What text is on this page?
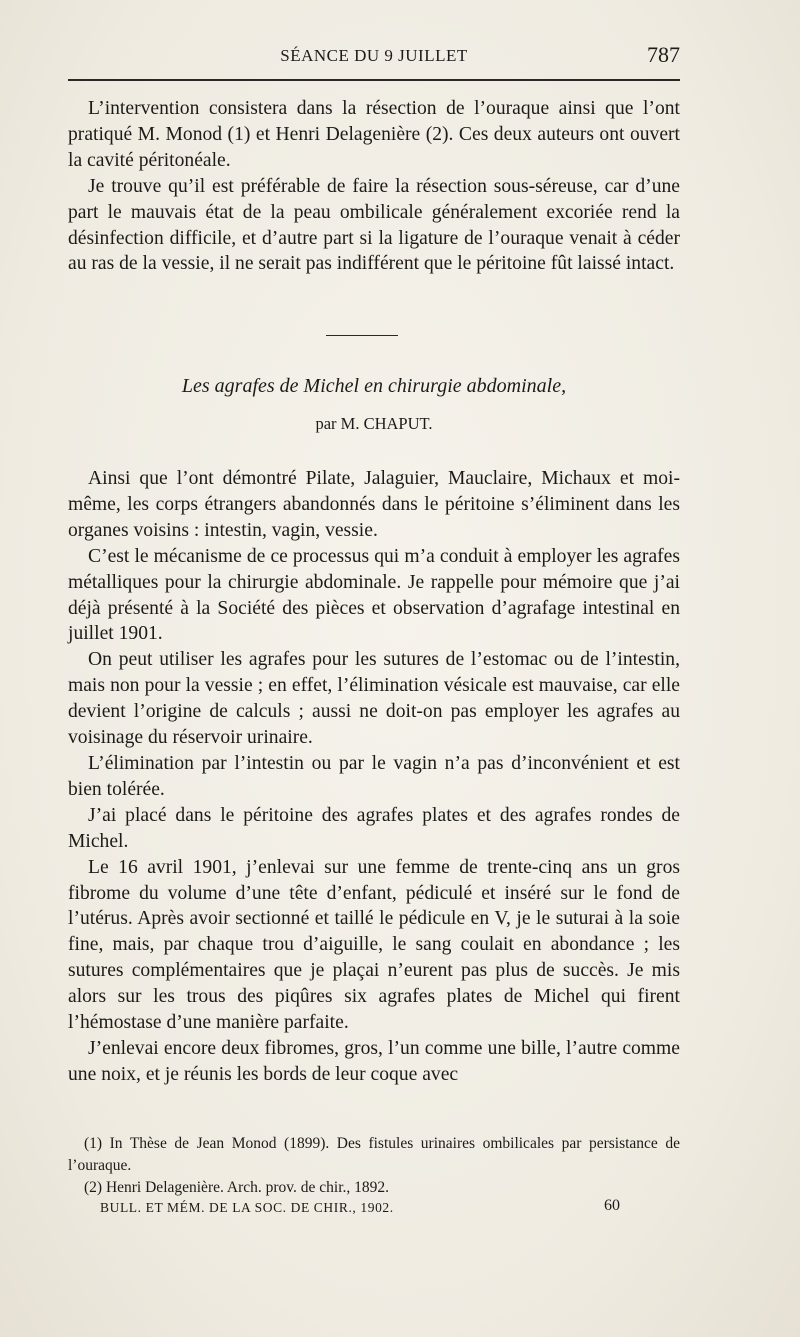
SÉANCE DU 9 JUILLET	787

L’intervention consistera dans la résection de l’ouraque ainsi que l’ont pratiqué M. Monod (1) et Henri Delagenière (2). Ces deux auteurs ont ouvert la cavité péritonéale.

Je trouve qu’il est préférable de faire la résection sous-séreuse, car d’une part le mauvais état de la peau ombilicale généralement excoriée rend la désinfection difficile, et d’autre part si la ligature de l’ouraque venait à céder au ras de la vessie, il ne serait pas indifférent que le péritoine fût laissé intact.

Les agrafes de Michel en chirurgie abdominale,
par M. CHAPUT.

Ainsi que l’ont démontré Pilate, Jalaguier, Mauclaire, Michaux et moi-même, les corps étrangers abandonnés dans le péritoine s’éliminent dans les organes voisins : intestin, vagin, vessie.

C’est le mécanisme de ce processus qui m’a conduit à employer les agrafes métalliques pour la chirurgie abdominale. Je rappelle pour mémoire que j’ai déjà présenté à la Société des pièces et observation d’agrafage intestinal en juillet 1901.

On peut utiliser les agrafes pour les sutures de l’estomac ou de l’intestin, mais non pour la vessie ; en effet, l’élimination vésicale est mauvaise, car elle devient l’origine de calculs ; aussi ne doit-on pas employer les agrafes au voisinage du réservoir urinaire.

L’élimination par l’intestin ou par le vagin n’a pas d’inconvénient et est bien tolérée.

J’ai placé dans le péritoine des agrafes plates et des agrafes rondes de Michel.

Le 16 avril 1901, j’enlevai sur une femme de trente-cinq ans un gros fibrome du volume d’une tête d’enfant, pédiculé et inséré sur le fond de l’utérus. Après avoir sectionné et taillé le pédicule en V, je le suturai à la soie fine, mais, par chaque trou d’aiguille, le sang coulait en abondance ; les sutures complémentaires que je plaçai n’eurent pas plus de succès. Je mis alors sur les trous des piqûres six agrafes plates de Michel qui firent l’hémostase d’une manière parfaite.

J’enlevai encore deux fibromes, gros, l’un comme une bille, l’autre comme une noix, et je réunis les bords de leur coque avec

(1) In Thèse de Jean Monod (1899). Des fistules urinaires ombilicales par persistance de l’ouraque.

(2) Henri Delagenière. Arch. prov. de chir., 1892.

BULL. ET MÉM. DE LA SOC. DE CHIR., 1902.	60
